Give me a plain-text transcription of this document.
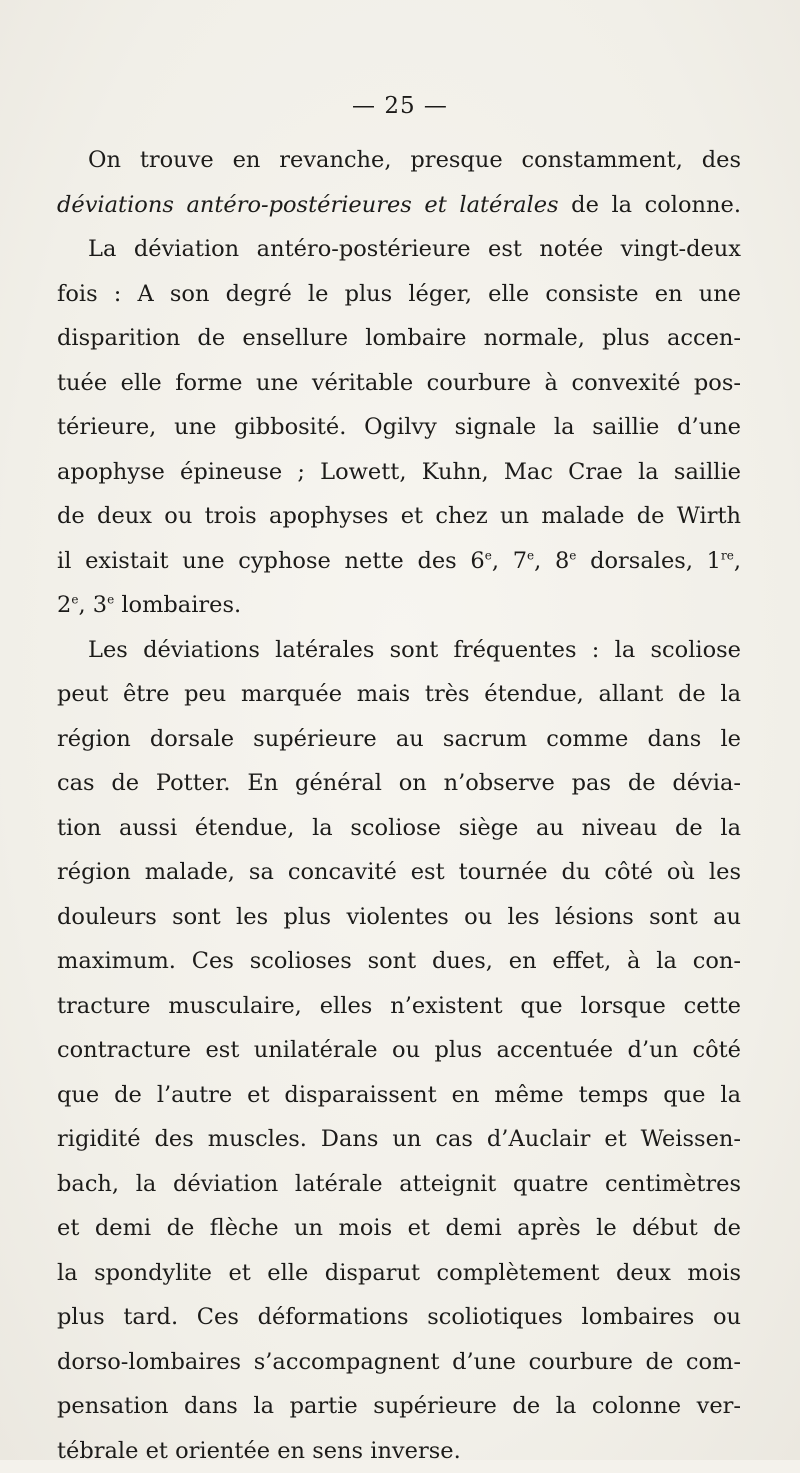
— 25 —
On trouve en revanche, presque constamment, des
déviations antéro-postérieures et latérales de la colonne.
La déviation antéro-postérieure est notée vingt-deux
fois : A son degré le plus léger, elle consiste en une
disparition de ensellure lombaire normale, plus accen-
tuée elle forme une véritable courbure à convexité pos-
térieure, une gibbosité. Ogilvy signale la saillie d’une
apophyse épineuse ; Lowett, Kuhn, Mac Crae la saillie
de deux ou trois apophyses et chez un malade de Wirth
il existait une cyphose nette des 6e, 7e, 8e dorsales, 1re,
2e, 3e lombaires.
Les déviations latérales sont fréquentes : la scoliose
peut être peu marquée mais très étendue, allant de la
région dorsale supérieure au sacrum comme dans le
cas de Potter. En général on n’observe pas de dévia-
tion aussi étendue, la scoliose siège au niveau de la
région malade, sa concavité est tournée du côté où les
douleurs sont les plus violentes ou les lésions sont au
maximum. Ces scolioses sont dues, en effet, à la con-
tracture musculaire, elles n’existent que lorsque cette
contracture est unilatérale ou plus accentuée d’un côté
que de l’autre et disparaissent en même temps que la
rigidité des muscles. Dans un cas d’Auclair et Weissen-
bach, la déviation latérale atteignit quatre centimètres
et demi de flèche un mois et demi après le début de
la spondylite et elle disparut complètement deux mois
plus tard. Ces déformations scoliotiques lombaires ou
dorso-lombaires s’accompagnent d’une courbure de com-
pensation dans la partie supérieure de la colonne ver-
tébrale et orientée en sens inverse.
